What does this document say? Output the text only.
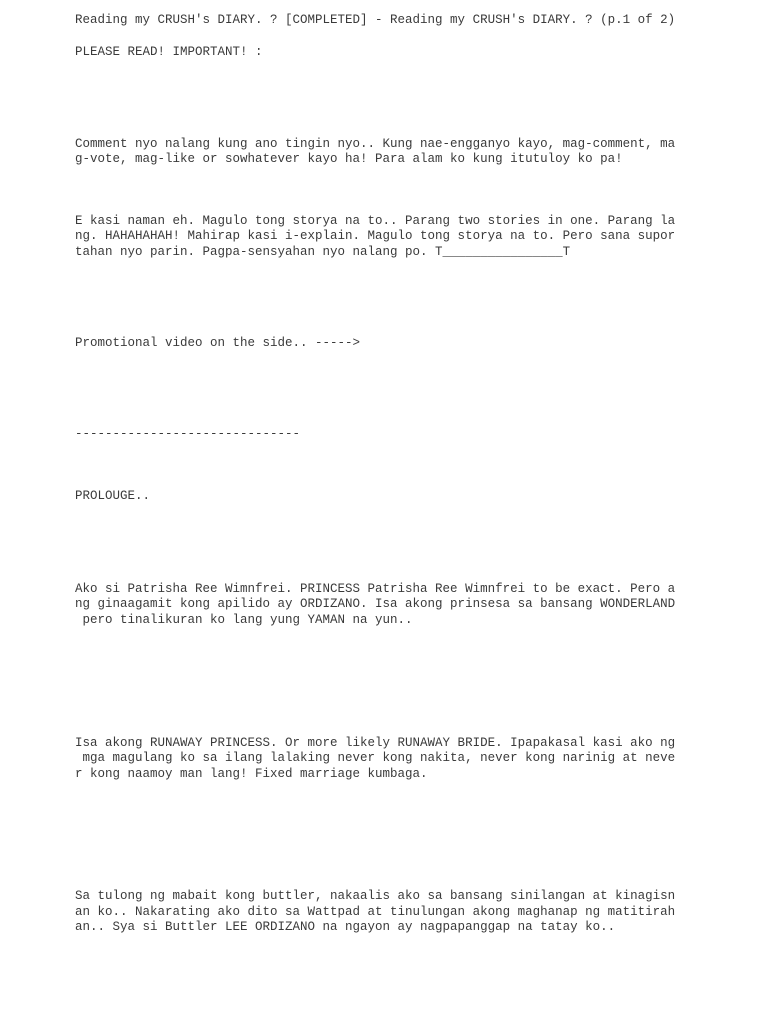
Reading my CRUSH's DIARY. ? [COMPLETED] - Reading my CRUSH's DIARY. ? (p.1 of 2)

PLEASE READ! IMPORTANT! :

Comment nyo nalang kung ano tingin nyo.. Kung nae-engganyo kayo, mag-comment, ma

g-vote, mag-like or sowhatever kayo ha! Para alam ko kung itutuloy ko pa!

E kasi naman eh. Magulo tong storya na to.. Parang two stories in one. Parang la

ng. HAHAHAHAH! Mahirap kasi i-explain. Magulo tong storya na to. Pero sana supor

tahan nyo parin. Pagpa-sensyahan nyo nalang po. T________________T

Promotional video on the side.. ----->

------------------------------

PROLOUGE..

Ako si Patrisha Ree Wimnfrei. PRINCESS Patrisha Ree Wimnfrei to be exact. Pero a

ng ginaagamit kong apilido ay ORDIZANO. Isa akong prinsesa sa bansang WONDERLAND

pero tinalikuran ko lang yung YAMAN na yun..

Isa akong RUNAWAY PRINCESS. Or more likely RUNAWAY BRIDE. Ipapakasal kasi ako ng

mga magulang ko sa ilang lalaking never kong nakita, never kong narinig at neve

r kong naamoy man lang! Fixed marriage kumbaga.

Sa tulong ng mabait kong buttler, nakaalis ako sa bansang sinilangan at kinagisn

an ko.. Nakarating ako dito sa Wattpad at tinulungan akong maghanap ng matitirah

an.. Sya si Buttler LEE ORDIZANO na ngayon ay nagpapanggap na tatay ko..
